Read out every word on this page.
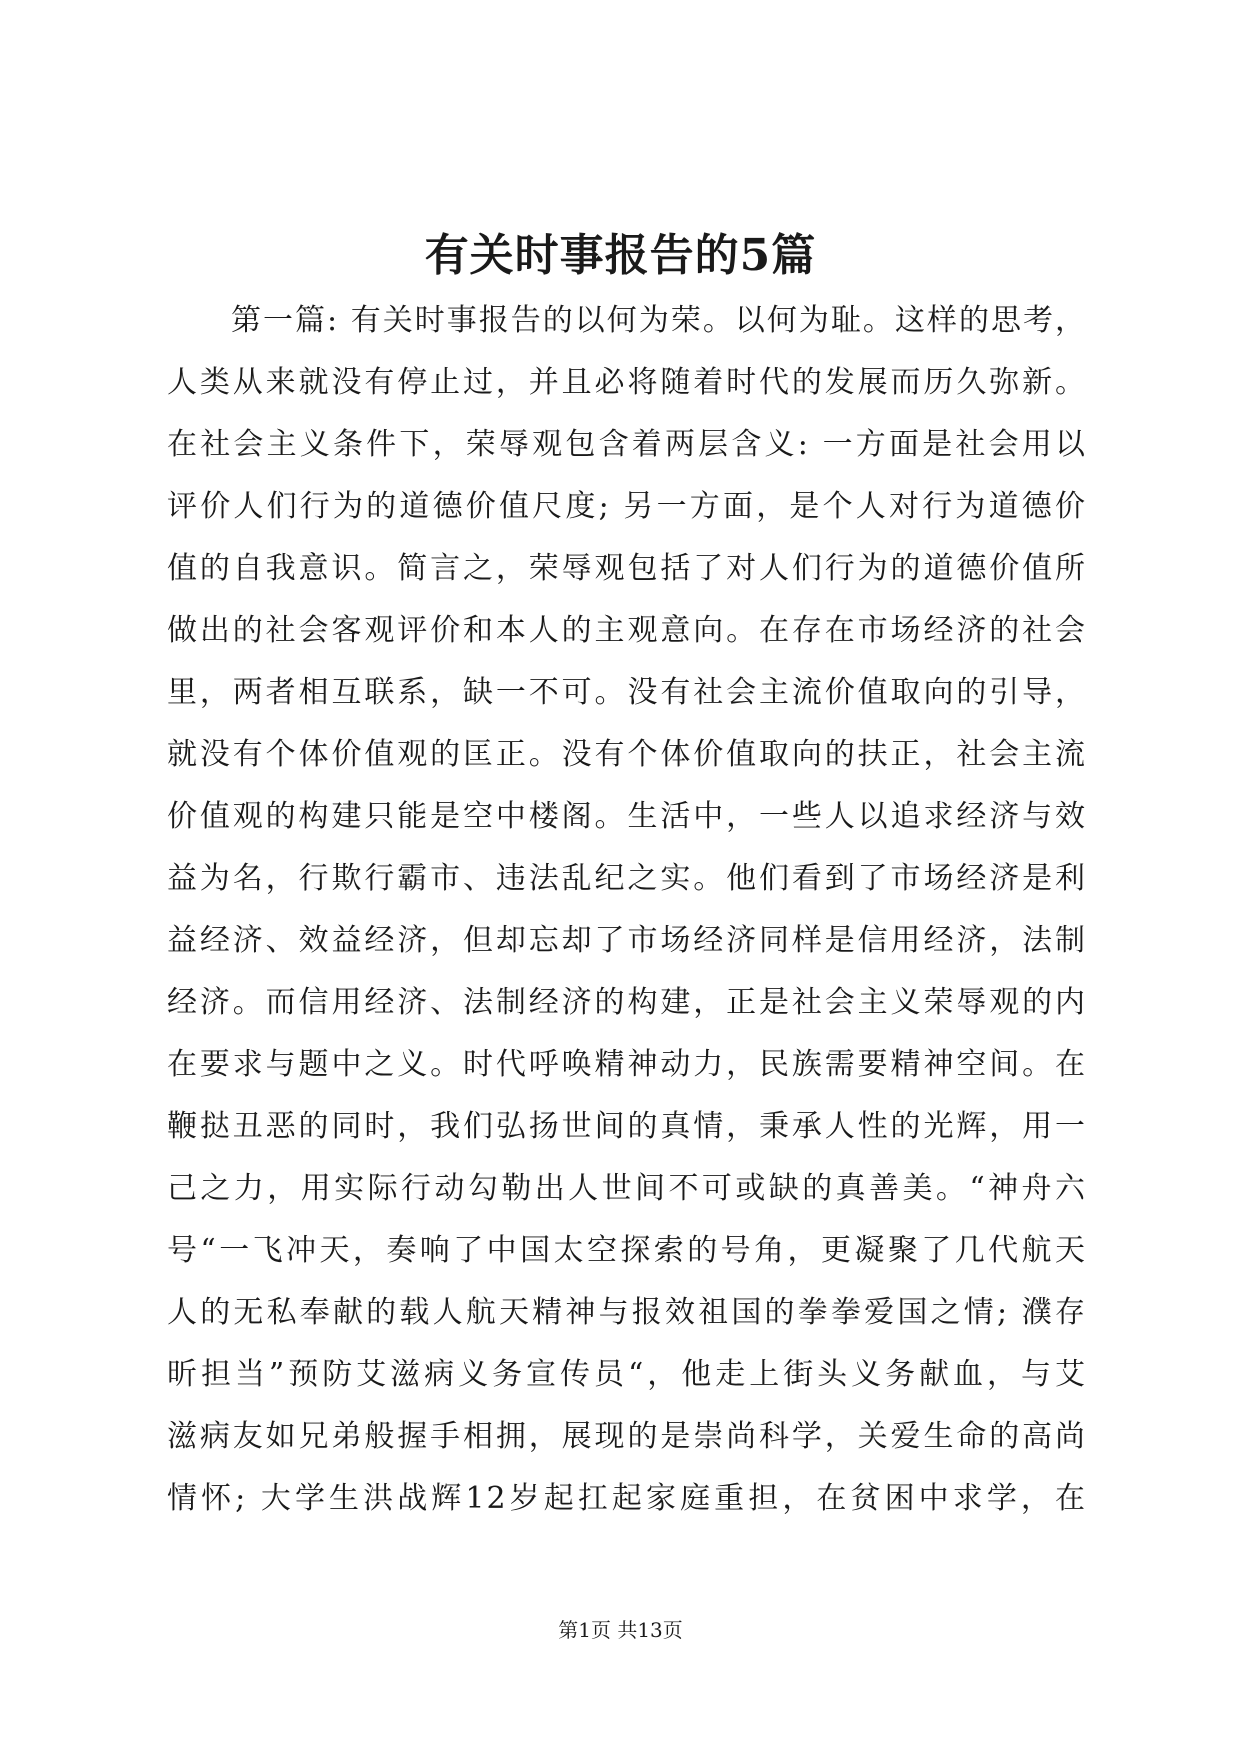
有关时事报告的5篇
第一篇: 有关时事报告的以何为荣。以何为耻。这样的思考，
人类从来就没有停止过，并且必将随着时代的发展而历久弥新。
在社会主义条件下，荣辱观包含着两层含义: 一方面是社会用以
评价人们行为的道德价值尺度; 另一方面，是个人对行为道德价
值的自我意识。简言之，荣辱观包括了对人们行为的道德价值所
做出的社会客观评价和本人的主观意向。在存在市场经济的社会
里，两者相互联系，缺一不可。没有社会主流价值取向的引导，
就没有个体价值观的匡正。没有个体价值取向的扶正，社会主流
价值观的构建只能是空中楼阁。生活中，一些人以追求经济与效
益为名，行欺行霸市、违法乱纪之实。他们看到了市场经济是利
益经济、效益经济，但却忘却了市场经济同样是信用经济，法制
经济。而信用经济、法制经济的构建，正是社会主义荣辱观的内
在要求与题中之义。时代呼唤精神动力，民族需要精神空间。在
鞭挞丑恶的同时，我们弘扬世间的真情，秉承人性的光辉，用一
己之力，用实际行动勾勒出人世间不可或缺的真善美。“神舟六
号“一飞冲天，奏响了中国太空探索的号角，更凝聚了几代航天
人的无私奉献的载人航天精神与报效祖国的拳拳爱国之情; 濮存
昕担当”预防艾滋病义务宣传员“，他走上街头义务献血，与艾
滋病友如兄弟般握手相拥，展现的是崇尚科学，关爱生命的高尚
情怀; 大学生洪战辉12岁起扛起家庭重担，在贫困中求学，在
第1页 共13页
